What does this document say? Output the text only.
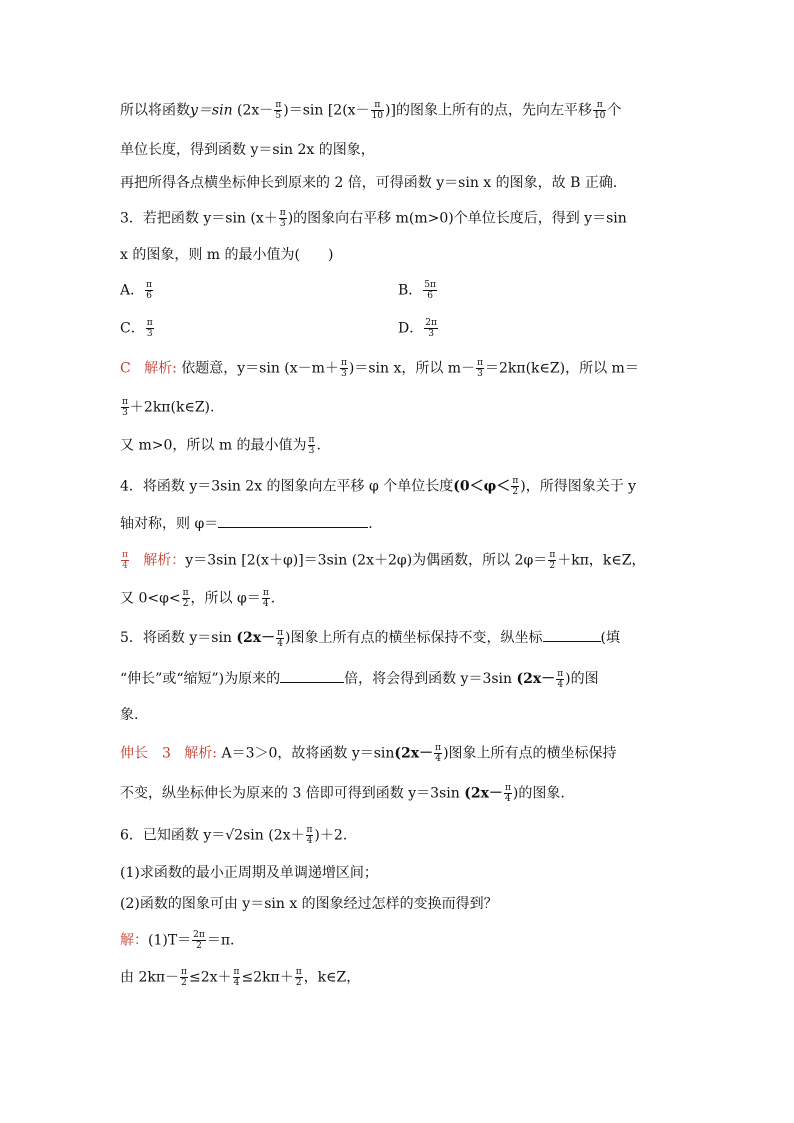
所以将函数y＝sin $(2x- \frac{\pi}{5} )=\sin$ [$2(x- \frac{\pi}{10}$ )]的图象上所有的点，先向左平移 $\frac{\pi}{10}$ 个
单位长度，得到函数 y＝sin 2x 的图象，
再把所得各点横坐标伸长到原来的 2 倍，可得函数 y＝sin x 的图象，故 B 正确．
3．若把函数 y＝sin ($x+ \frac{\pi}{3}$ )的图象向右平移 m(m>0)个单位长度后，得到 y＝sin
x 的图象，则 m 的最小值为(　　)
A． $\frac{\pi}{6}$	B． $\frac{5\pi}{6}$
C． $\frac{\pi}{3}$	D． $\frac{2\pi}{3}$
C 解析: 依题意，y＝sin $(x-m+ \frac{\pi}{3} )=\sin$ x，所以 $m- \frac{\pi}{3}$ ＝2kπ(k∈Z)，所以 m＝
$\frac{\pi}{3}$ ＋2kπ(k∈Z).
又 m>0，所以 m 的最小值为 $\frac{\pi}{3}$ .
4．将函数 y＝3sin 2x 的图象向左平移 φ 个单位长度($0<\varphi< \frac{\pi}{2}$ )，所得图象关于 y
轴对称，则 φ＝	.
$\frac{\pi}{4}$ 解析：y＝3sin [2(x＋φ)]＝3sin (2x＋2φ)为偶函数，所以 $2\varphi= \frac{\pi}{2} +k\pi$，k∈Z，
又 $0<\varphi< \frac{\pi}{2}$ ，所以 $\varphi= \frac{\pi}{4}$ .
5．将函数 y＝sin ($2x- \frac{\pi}{4}$ )图象上所有点的横坐标保持不变，纵坐标	(填
“伸长”或“缩短”)为原来的	倍，将会得到函数 y＝3sin ($2x- \frac{\pi}{4}$ )的图
象.
伸长　3 解析: A＝3＞0，故将函数 $y=\sin(2x- \frac{\pi}{4}$ )图象上所有点的横坐标保持
不变，纵坐标伸长为原来的 3 倍即可得到函数 y＝3sin ($2x- \frac{\pi}{4}$ )的图象.
6．已知函数 y＝√2sin $(2x+ \frac{\pi}{4} )+2$.
(1)求函数的最小正周期及单调递增区间；
(2)函数的图象可由 y＝sin x 的图象经过怎样的变换而得到？
解：$(1)T= \frac{2\pi}{2} =\pi$.
由 $2k\pi- \frac{\pi}{2} \le 2x+ \frac{\pi}{4} \le 2k\pi+ \frac{\pi}{2}$ ，k∈Z，
